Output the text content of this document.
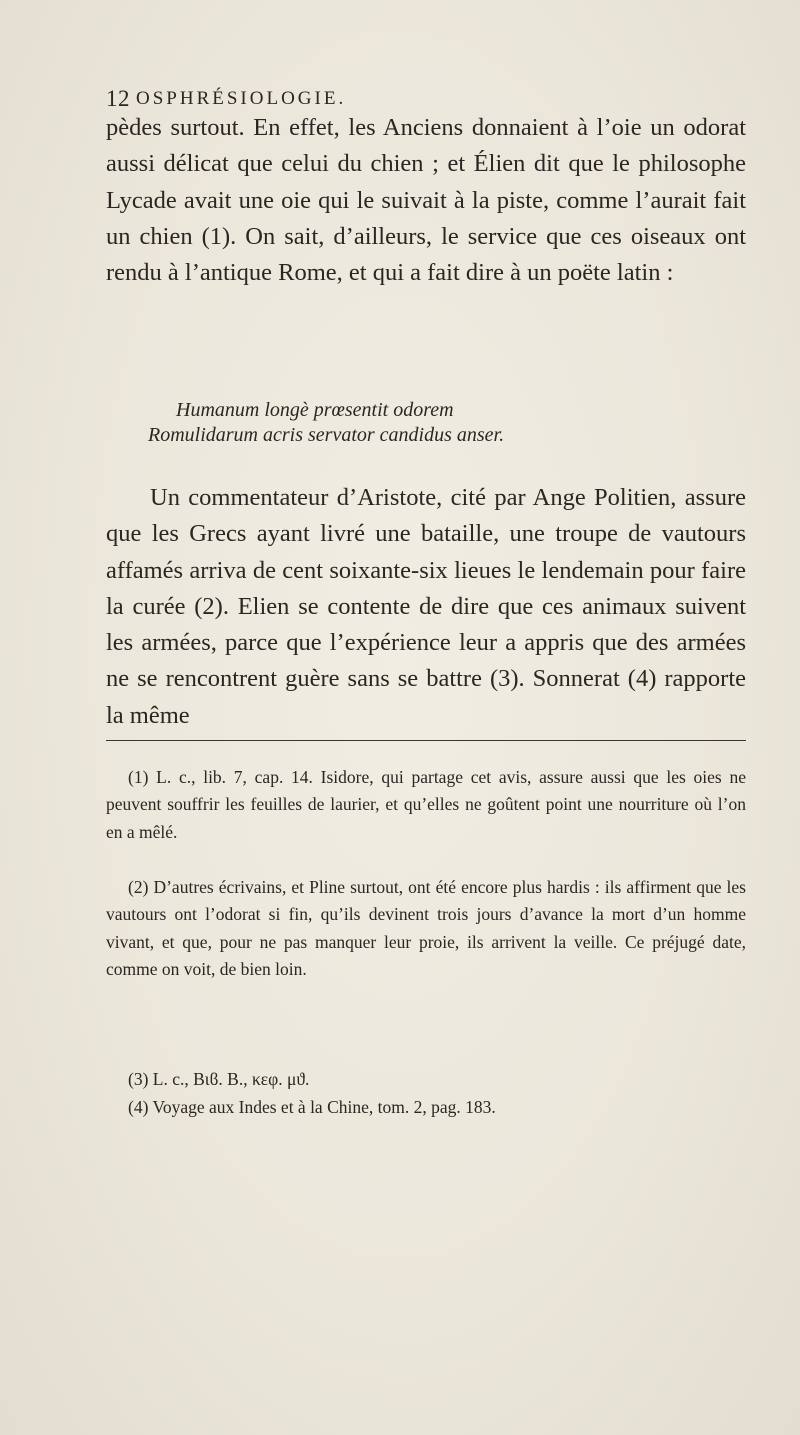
12 OSPHRÉSIOLOGIE.

pèdes surtout. En effet, les Anciens donnaient à l’oie un odorat aussi délicat que celui du chien ; et Élien dit que le philosophe Lycade avait une oie qui le suivait à la piste, comme l’aurait fait un chien (1). On sait, d’ailleurs, le service que ces oiseaux ont rendu à l’antique Rome, et qui a fait dire à un poëte latin :

Humanum longè prœsentit odorem
Romulidarum acris servator candidus anser.

Un commentateur d’Aristote, cité par Ange Politien, assure que les Grecs ayant livré une bataille, une troupe de vautours affamés arriva de cent soixante-six lieues le lendemain pour faire la curée (2). Elien se contente de dire que ces animaux suivent les armées, parce que l’expérience leur a appris que des armées ne se rencontrent guère sans se battre (3). Sonnerat (4) rapporte la même

(1) L. c., lib. 7, cap. 14. Isidore, qui partage cet avis, assure aussi que les oies ne peuvent souffrir les feuilles de laurier, et qu’elles ne goûtent point une nourriture où l’on en a mêlé.

(2) D’autres écrivains, et Pline surtout, ont été encore plus hardis : ils affirment que les vautours ont l’odorat si fin, qu’ils devinent trois jours d’avance la mort d’un homme vivant, et que, pour ne pas manquer leur proie, ils arrivent la veille. Ce préjugé date, comme on voit, de bien loin.

(3) L. c., Βιϐ. Β., κεφ. μϑ.

(4) Voyage aux Indes et à la Chine, tom. 2, pag. 183.
